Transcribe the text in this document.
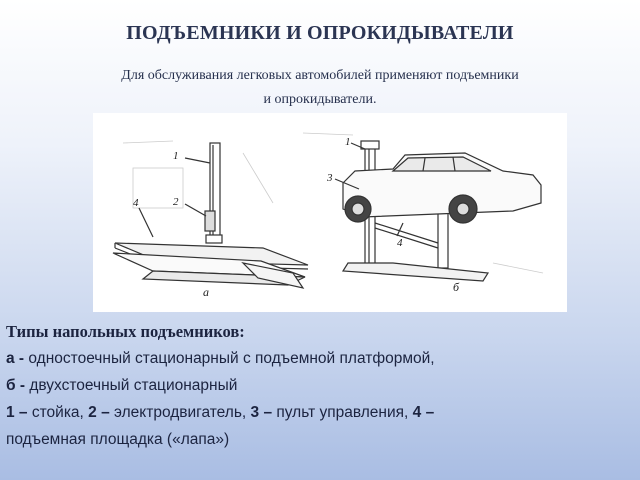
ПОДЪЕМНИКИ И ОПРОКИДЫВАТЕЛИ
Для обслуживания легковых автомобилей применяют подъемники
и опрокидыватели.
1
2
4
а
1
3
4
б
Типы напольных подъемников:
а - одностоечный стационарный с подъемной платформой,
б - двухстоечный стационарный
1 – стойка, 2 – электродвигатель, 3 – пульт управления, 4 –
подъемная площадка («лапа»)
